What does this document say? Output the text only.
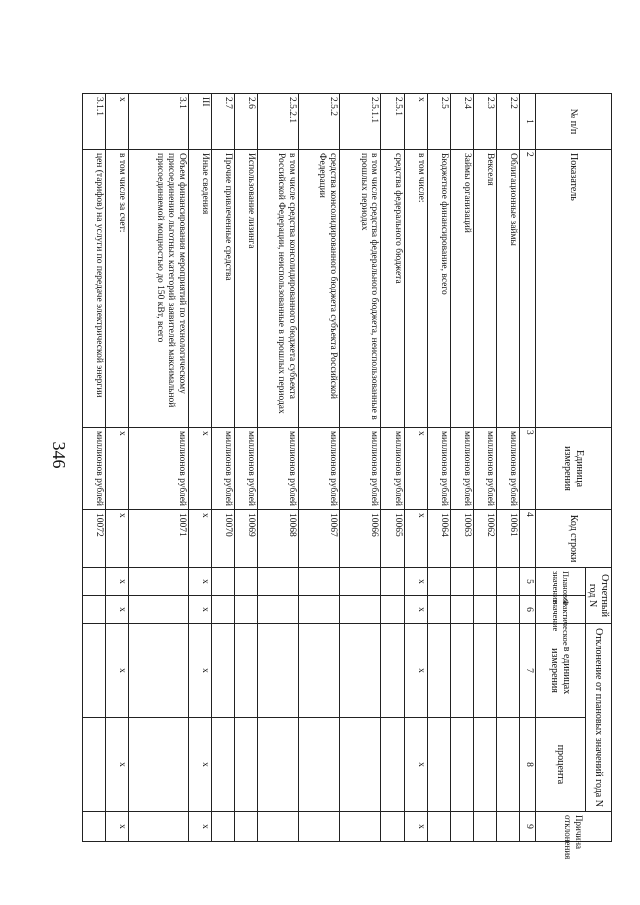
346
№ п/п	Показатель	Единица измерения	Код строки	Отчетный год N		Отклонение от плановых значений года N		Причина отклонения
				Плановое значение	Фактическое значение	в единицах измерения	процента	

1	2	3	4	5	6	7	8	9
2.2	Облигационные займы	миллионов рублей	10061					
2.3	Векселя	миллионов рублей	10062					
2.4	Займы организаций	миллионов рублей	10063					
2.5	Бюджетное финансирование, всего	миллионов рублей	10064					
х	в том числе:	х	х	х	х	х	х	х
2.5.1	средства федерального бюджета	миллионов рублей	10065					
2.5.1.1	в том числе средства федерального бюджета, неиспользованные в прошлых периодах	миллионов рублей	10066					
2.5.2	средства консолидированного бюджета субъекта Российской Федерации	миллионов рублей	10067					
2.5.2.1	в том числе средства консолидированного бюджета субъекта Российской Федерации, неиспользованные в прошлых периодах	миллионов рублей	10068					
2.6	Использование лизинга	миллионов рублей	10069					
2.7	Прочие привлеченные средства	миллионов рублей	10070					
III	Иные сведения	х	х	х	х	х	х	х
3.1	Объем финансирования мероприятий по технологическому присоединению льготных категорий заявителей максимальной присоединяемой мощностью до 150 кВт, всего	миллионов рублей	10071					
х	в том числе за счет:	х	х	х	х	х	х	х
3.1.1	цен (тарифов) на услуги по передаче электрической энергии	миллионов рублей	10072					
